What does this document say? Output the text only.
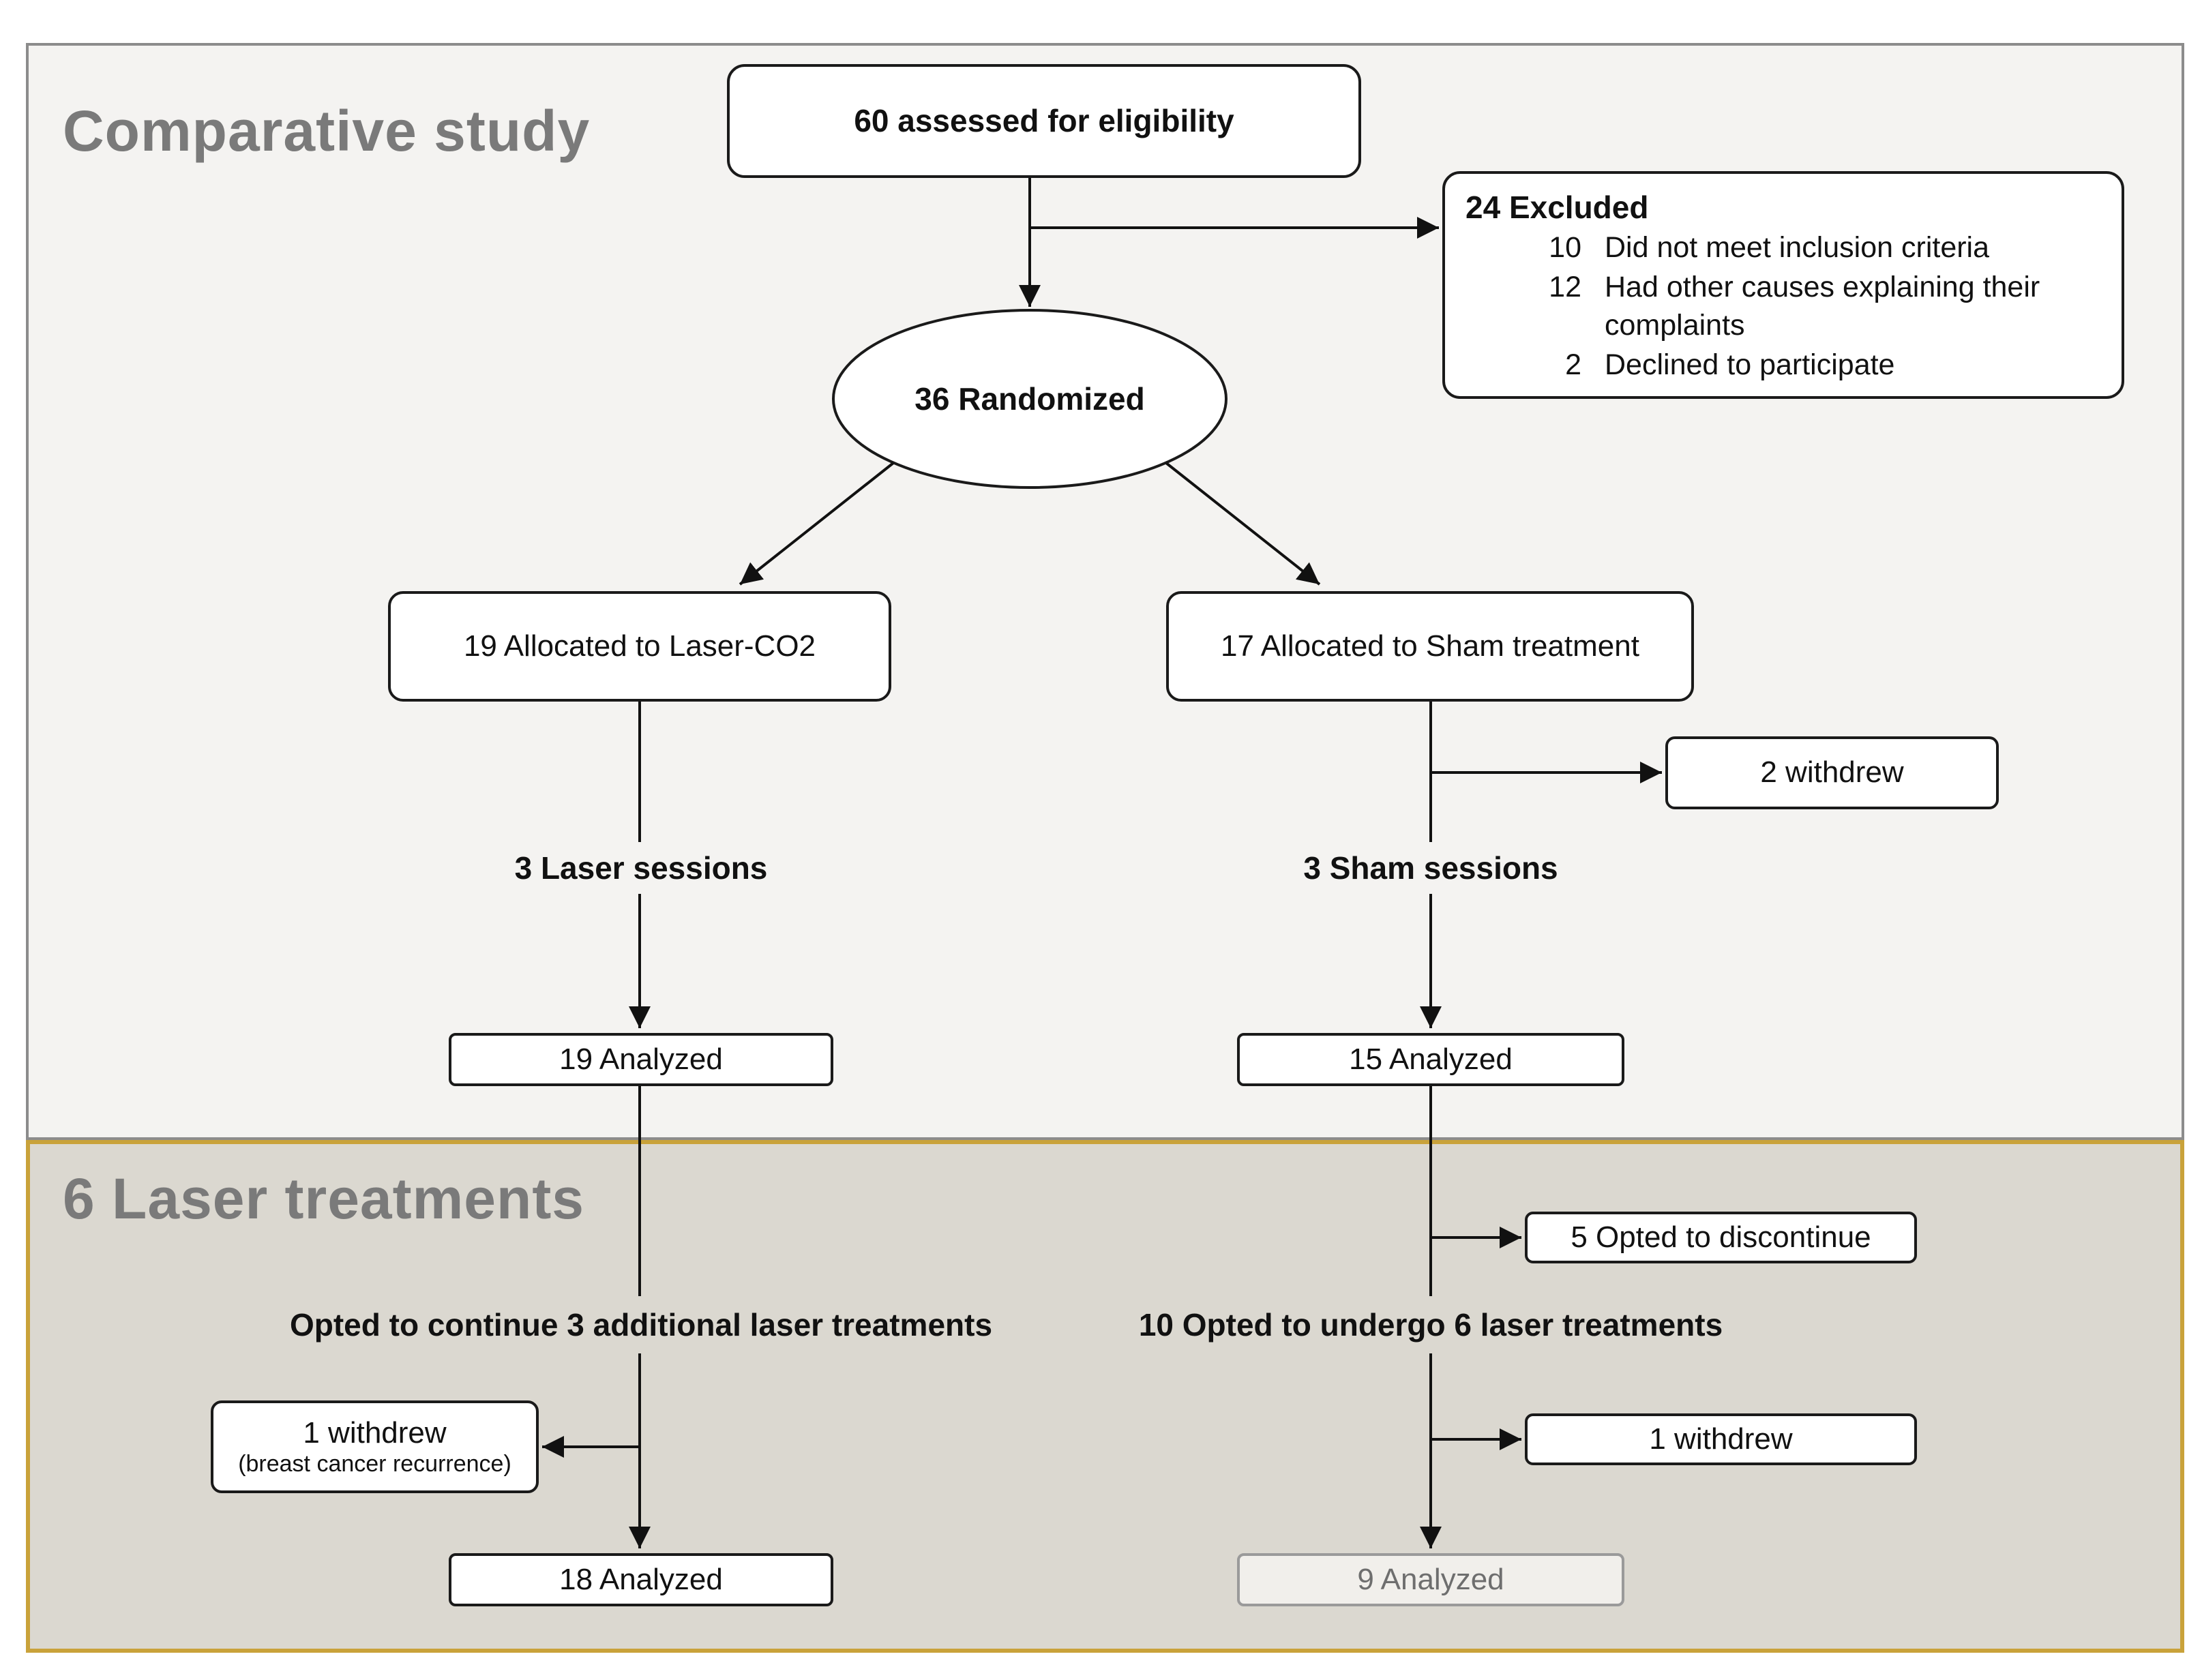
Comparative study
6 Laser treatments
60 assessed for eligibility
24 Excluded
10 Did not meet inclusion criteria
12 Had other causes explaining their complaints
2 Declined to participate
36 Randomized
19 Allocated to Laser-CO2	17 Allocated to Sham treatment
2 withdrew
3 Laser sessions	3 Sham sessions
19 Analyzed	15 Analyzed
5 Opted to discontinue
Opted to continue 3 additional laser treatments	10 Opted to undergo 6 laser treatments
1 withdrew
(breast cancer recurrence)
1 withdrew
18 Analyzed	9 Analyzed
